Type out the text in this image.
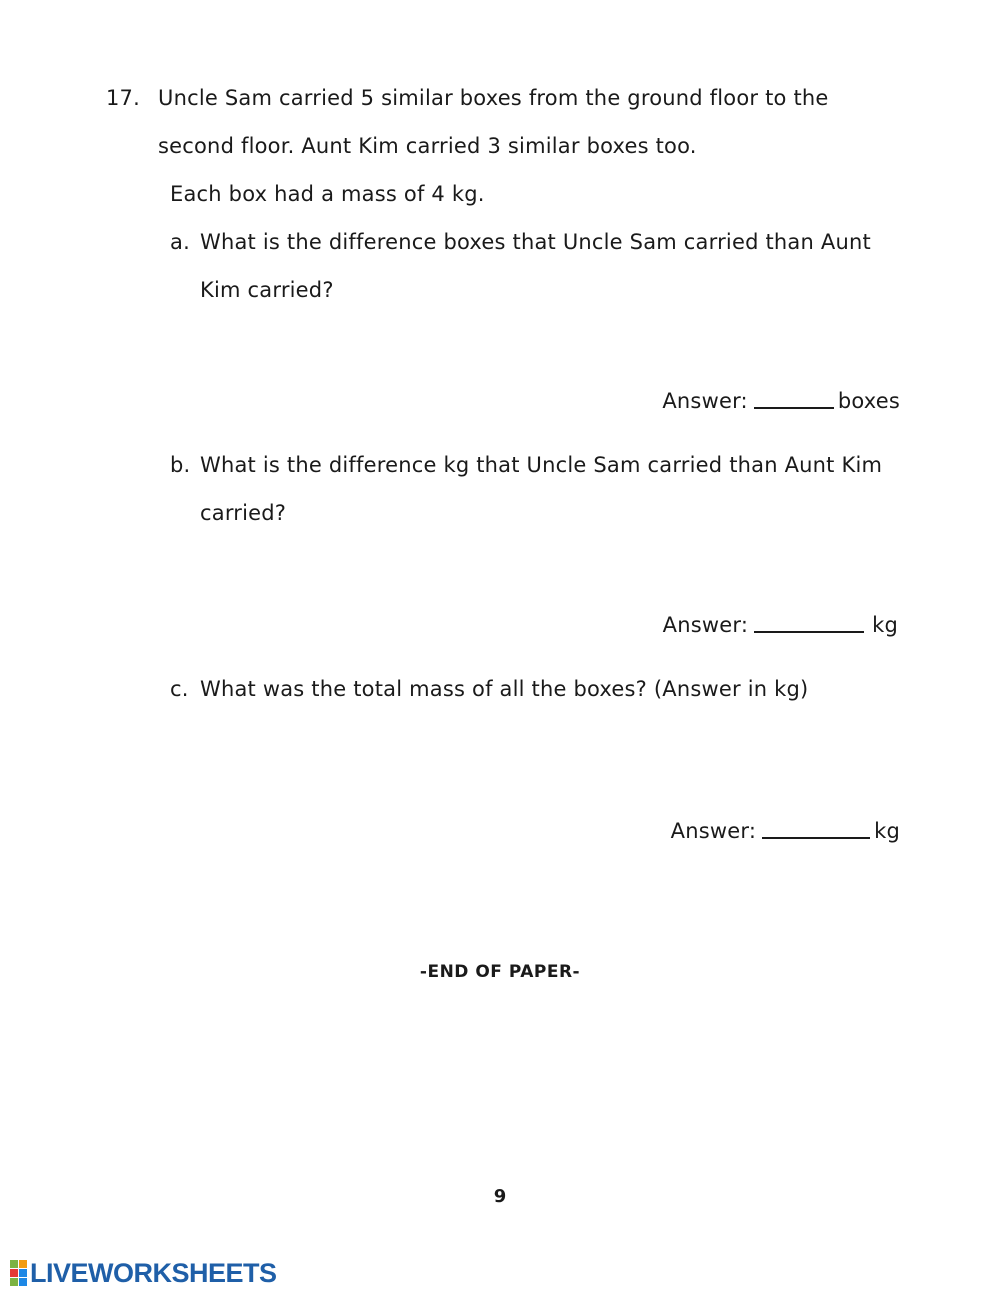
17. Uncle Sam carried 5 similar boxes from the ground floor to the
second floor. Aunt Kim carried 3 similar boxes too.
Each box had a mass of 4 kg.
a. What is the difference boxes that Uncle Sam carried than Aunt
Kim carried?
Answer:	boxes
b. What is the difference kg that Uncle Sam carried than Aunt Kim
carried?
Answer:	kg
c. What was the total mass of all the boxes? (Answer in kg)
Answer:	kg
-END OF PAPER-
9
LIVEWORKSHEETS
